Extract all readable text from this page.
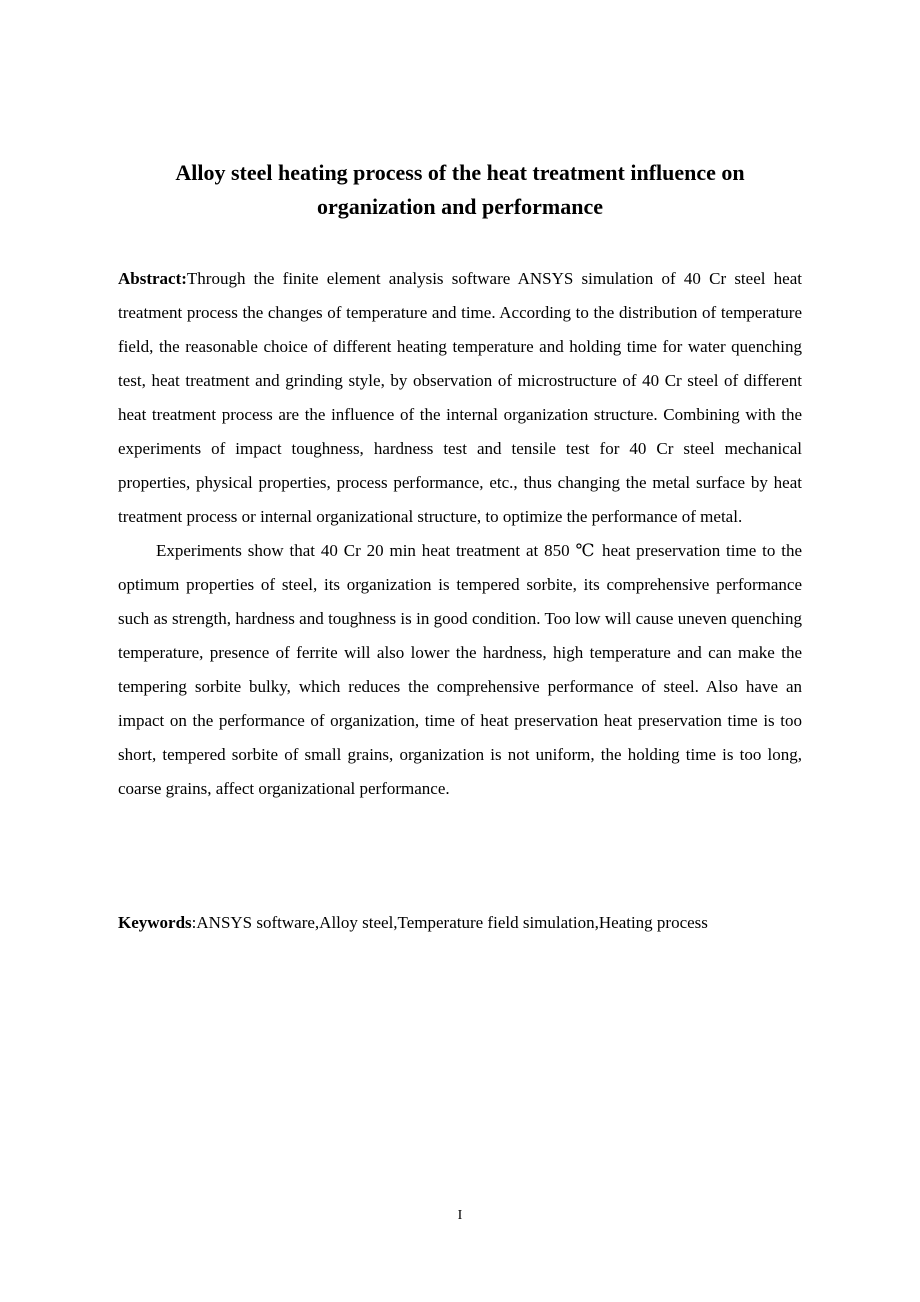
Alloy steel heating process of the heat treatment influence on
organization and performance

Abstract:Through the finite element analysis software ANSYS simulation of 40 Cr steel heat treatment process the changes of temperature and time. According to the distribution of temperature field, the reasonable choice of different heating temperature and holding time for water quenching test, heat treatment and grinding style, by observation of microstructure of 40 Cr steel of different heat treatment process are the influence of the internal organization structure. Combining with the experiments of impact toughness, hardness test and tensile test for 40 Cr steel mechanical properties, physical properties, process performance, etc., thus changing the metal surface by heat treatment process or internal organizational structure, to optimize the performance of metal.

Experiments show that 40 Cr 20 min heat treatment at 850 ℃ heat preservation time to the optimum properties of steel, its organization is tempered sorbite, its comprehensive performance such as strength, hardness and toughness is in good condition. Too low will cause uneven quenching temperature, presence of ferrite will also lower the hardness, high temperature and can make the tempering sorbite bulky, which reduces the comprehensive performance of steel. Also have an impact on the performance of organization, time of heat preservation heat preservation time is too short, tempered sorbite of small grains, organization is not uniform, the holding time is too long, coarse grains, affect organizational performance.

Keywords:ANSYS software,Alloy steel,Temperature field simulation,Heating process

I
